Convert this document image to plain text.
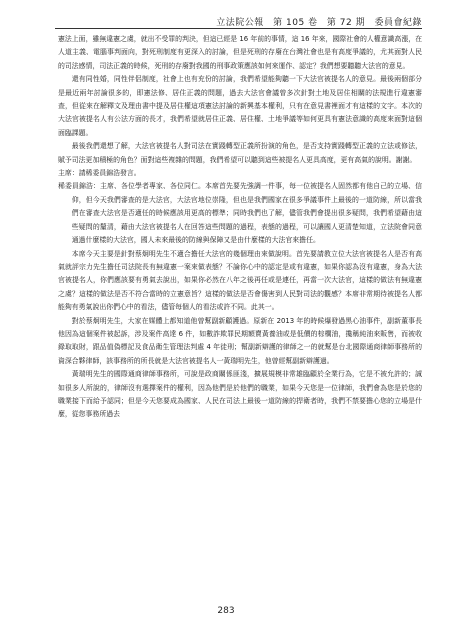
立法院公報 第 105 卷 第 72 期 委員會紀錄

憲法上面，雖無違憲之虞，就出不受罪的判決，但這已經是 16 年前的事情，這 16 年來，國際社會的人權意識高漲，在人道主義、電腦事判面向，對死刑制度有更深入的討論，但是死刑的存廢在台灣社會也是有高度爭議的，尤其面對人民的司法感情，司法正義的時候，死刑的存廢對我國的刑事政策應該如何來運作、認定？我們想要聽聽大法官的意見。

還有同性婚，同性伴侶制度，社會上也有充份的討論，我們希望能夠聽一下大法官被提名人的意見。最後兩個部分是最近兩年討論很多的，即憲法修、居住正義的問題，過去大法官會議曾多次針對土地及居住相關的法規進行違憲審查，但從來在解釋文及理由書中提及居住權這項憲法討論的新興基本權利，只有在意見書裡面才有這樣的文字。本次的大法官被提名人有公法方面的長才，我們希望就居住正義、居住權、土地爭議等如何更具有憲法意識的高度來面對這個面臨課題。

最後我們還想了解，大法官被提名人對司法在實踐轉型正義所扮演的角色，是否支持實踐轉型正義的立法或修法，賦予司法更加積極的角色？面對這些複雜的問題，我們希望可以聽到這些被提名人更具高度，更有高氣的說明。謝謝。

主席：請稀委員錦浩發言。

稀委員錦浩：主席、各位學者專家、各位同仁。本席首先要先強調一件事，每一位被提名人固然都有他自己的立場、信仰，但今天我們審查的是大法官，大法官地位崇隆，但也是我們國家在很多爭議事件上最後的一道防線，所以當我們在審查大法官是否適任的時候應該用更高的標準；同時我們也了解，儘管我們會提出很多疑問，我們希望藉由這些疑問的釐清，藉由大法官被提名人在回答這些問題的過程，表態的過程，可以讓國人更清楚知道，立法院會同意通過什麼樣的大法官，國人未來最後的防線與保障又是由什麼樣的大法官來擔任。

本席今天主要是針對蔡炯明先生不適合擔任大法官的幾個理由來做說明。首先要請教立位大法官被提名人是否有高氣就評宗力先生擔任司法院長有無違憲一案來做表態？不論你心中的認定是或有違憲，如果你認為沒有違憲，身為大法官被提名人，你們應該要有勇氣去說出，如果你必然在八年之後再任或是連任，再當一次大法官，這樣的做法有無違憲之虞？這樣的做法是否不符合當時的立憲意旨？這樣的做法是否會傷害到人民對司法的觀感？本席非常期待被提名人都能夠有勇氣說出你們心中的看法，儘管每個人的看法或許不同。此其一。

對於蔡炯明先生，大家在媒體上都知道他曾幫副新顧護過。原新在 2013 年的時候爆發過黑心油事件，副新董事長他因為這個案件被起訴，涉及案件高達 6 件，如數詐欺罪民期額賣黃養油或是低價的棕櫚油，攙稱純油來販售，而被收錄取取財，跟品值偽標記及食品衛生管理法判處 4 年徒刑；幫副新辯護的律師之一的就幫是台北國際通商律師事務所的資深合夥律師，該事務所的所長就是大法官被提名人一黃瑞明先生，他曾經幫副新辯護過。

黃瑞明先生的國際通商律師事務所，可說是政商關係匪淺，擴展規模非常雄臨顧於全業行為，它是不被允許的；誠如很多人所說的，律師沒有選擇案件的權利，因為他們是於他們的職業，如果今天您是一位律師，我們會為您是於您的職業接下而給予認同；但是今天您要成為國家、人民在司法上最後一道防線的捍衛者時，我們不禁要擔心您的立場是什麼，從您事務所過去

283
